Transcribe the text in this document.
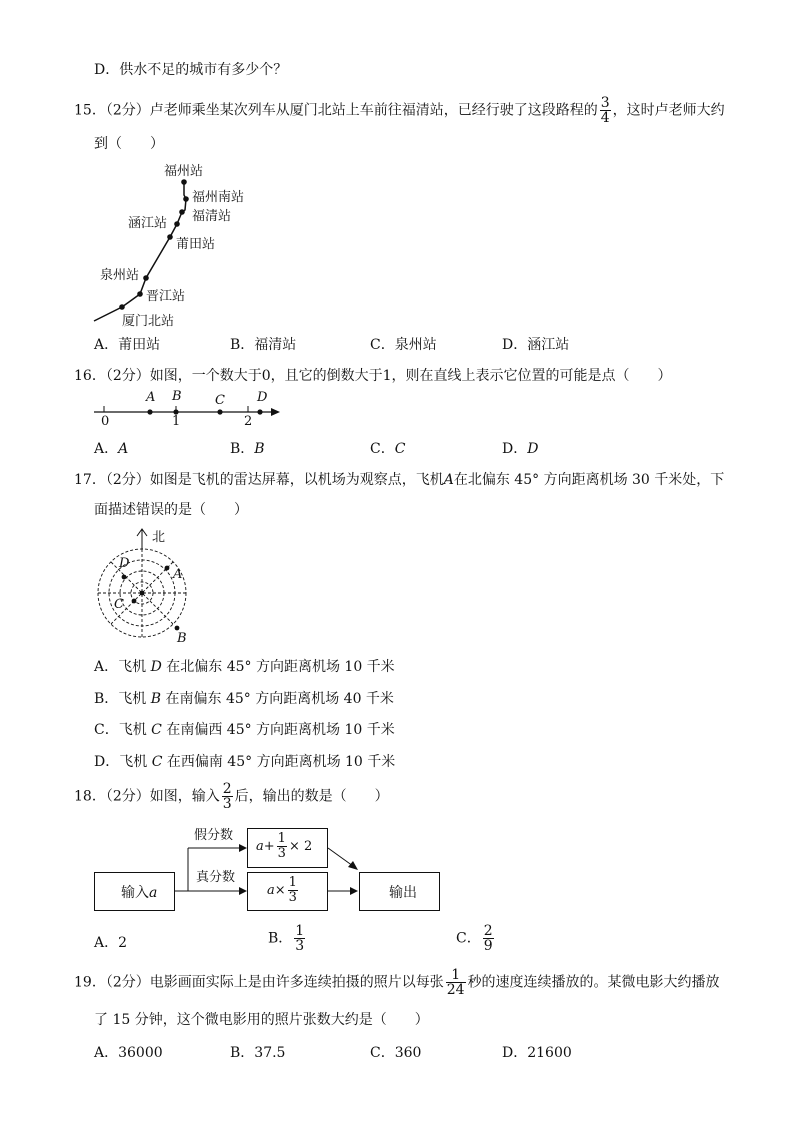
D．供水不足的城市有多少个？
15．（2分）卢老师乘坐某次列车从厦门北站上车前往福清站，已经行驶了这段路程的 $\frac{3}{4}$ ，这时卢老师大约
到（　　）
福州站
福州南站
福清站
涵江站
莆田站
泉州站
晋江站
厦门北站
A．莆田站	B．福清站	C．泉州站	D．涵江站
16．（2分）如图，一个数大于0，且它的倒数大于1，则在直线上表示它位置的可能是点（　　）
A B	C D
0	1	2
A．A	B．B	C．C	D．D
17．（2分）如图是飞机的雷达屏幕，以机场为观察点，飞机A在北偏东 45° 方向距离机场 30 千米处，下
面描述错误的是（　　）
北
A
B
C
D
A．飞机 D 在北偏东 45° 方向距离机场 10 千米
B．飞机 B 在南偏东 45° 方向距离机场 40 千米
C．飞机 C 在南偏西 45° 方向距离机场 10 千米
D．飞机 C 在西偏南 45° 方向距离机场 10 千米
18．（2分）如图，输入 $\frac{2}{3}$ 后，输出的数是（　　）
假分数
真分数
输入a
$a+ \frac{1}{3} \times 2$
$a\times \frac{1}{3}$	输出
A．2	B． $\frac{1}{3}$	C． $\frac{2}{9}$
19．（2分）电影画面实际上是由许多连续拍摄的照片以每张 $\frac{1}{24}$ 秒的速度连续播放的。某微电影大约播放
了 15 分钟，这个微电影用的照片张数大约是（　　）
A．36000	B．37.5	C．360	D．21600
